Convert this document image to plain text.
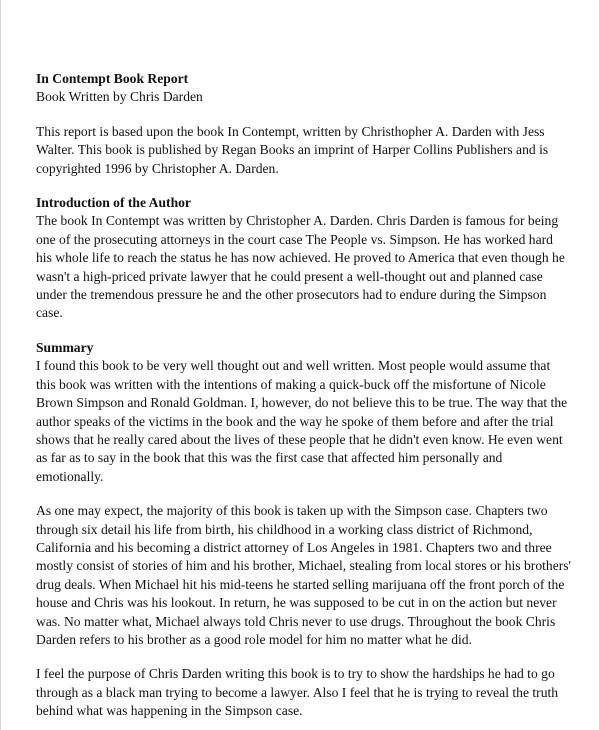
In Contempt Book Report

Book Written by Chris Darden

This report is based upon the book In Contempt, written by Christhopher A. Darden with Jess Walter. This book is published by Regan Books an imprint of Harper Collins Publishers and is copyrighted 1996 by Christopher A. Darden.

Introduction of the Author

The book In Contempt was written by Christopher A. Darden. Chris Darden is famous for being one of the prosecuting attorneys in the court case The People vs. Simpson. He has worked hard his whole life to reach the status he has now achieved. He proved to America that even though he wasn't a high-priced private lawyer that he could present a well-thought out and planned case under the tremendous pressure he and the other prosecutors had to endure during the Simpson case.

Summary

I found this book to be very well thought out and well written. Most people would assume that this book was written with the intentions of making a quick-buck off the misfortune of Nicole Brown Simpson and Ronald Goldman. I, however, do not believe this to be true. The way that the author speaks of the victims in the book and the way he spoke of them before and after the trial shows that he really cared about the lives of these people that he didn't even know. He even went as far as to say in the book that this was the first case that affected him personally and emotionally.

As one may expect, the majority of this book is taken up with the Simpson case. Chapters two through six detail his life from birth, his childhood in a working class district of Richmond, California and his becoming a district attorney of Los Angeles in 1981. Chapters two and three mostly consist of stories of him and his brother, Michael, stealing from local stores or his brothers' drug deals. When Michael hit his mid-teens he started selling marijuana off the front porch of the house and Chris was his lookout. In return, he was supposed to be cut in on the action but never was. No matter what, Michael always told Chris never to use drugs. Throughout the book Chris Darden refers to his brother as a good role model for him no matter what he did.

I feel the purpose of Chris Darden writing this book is to try to show the hardships he had to go through as a black man trying to become a lawyer. Also I feel that he is trying to reveal the truth behind what was happening in the Simpson case.
